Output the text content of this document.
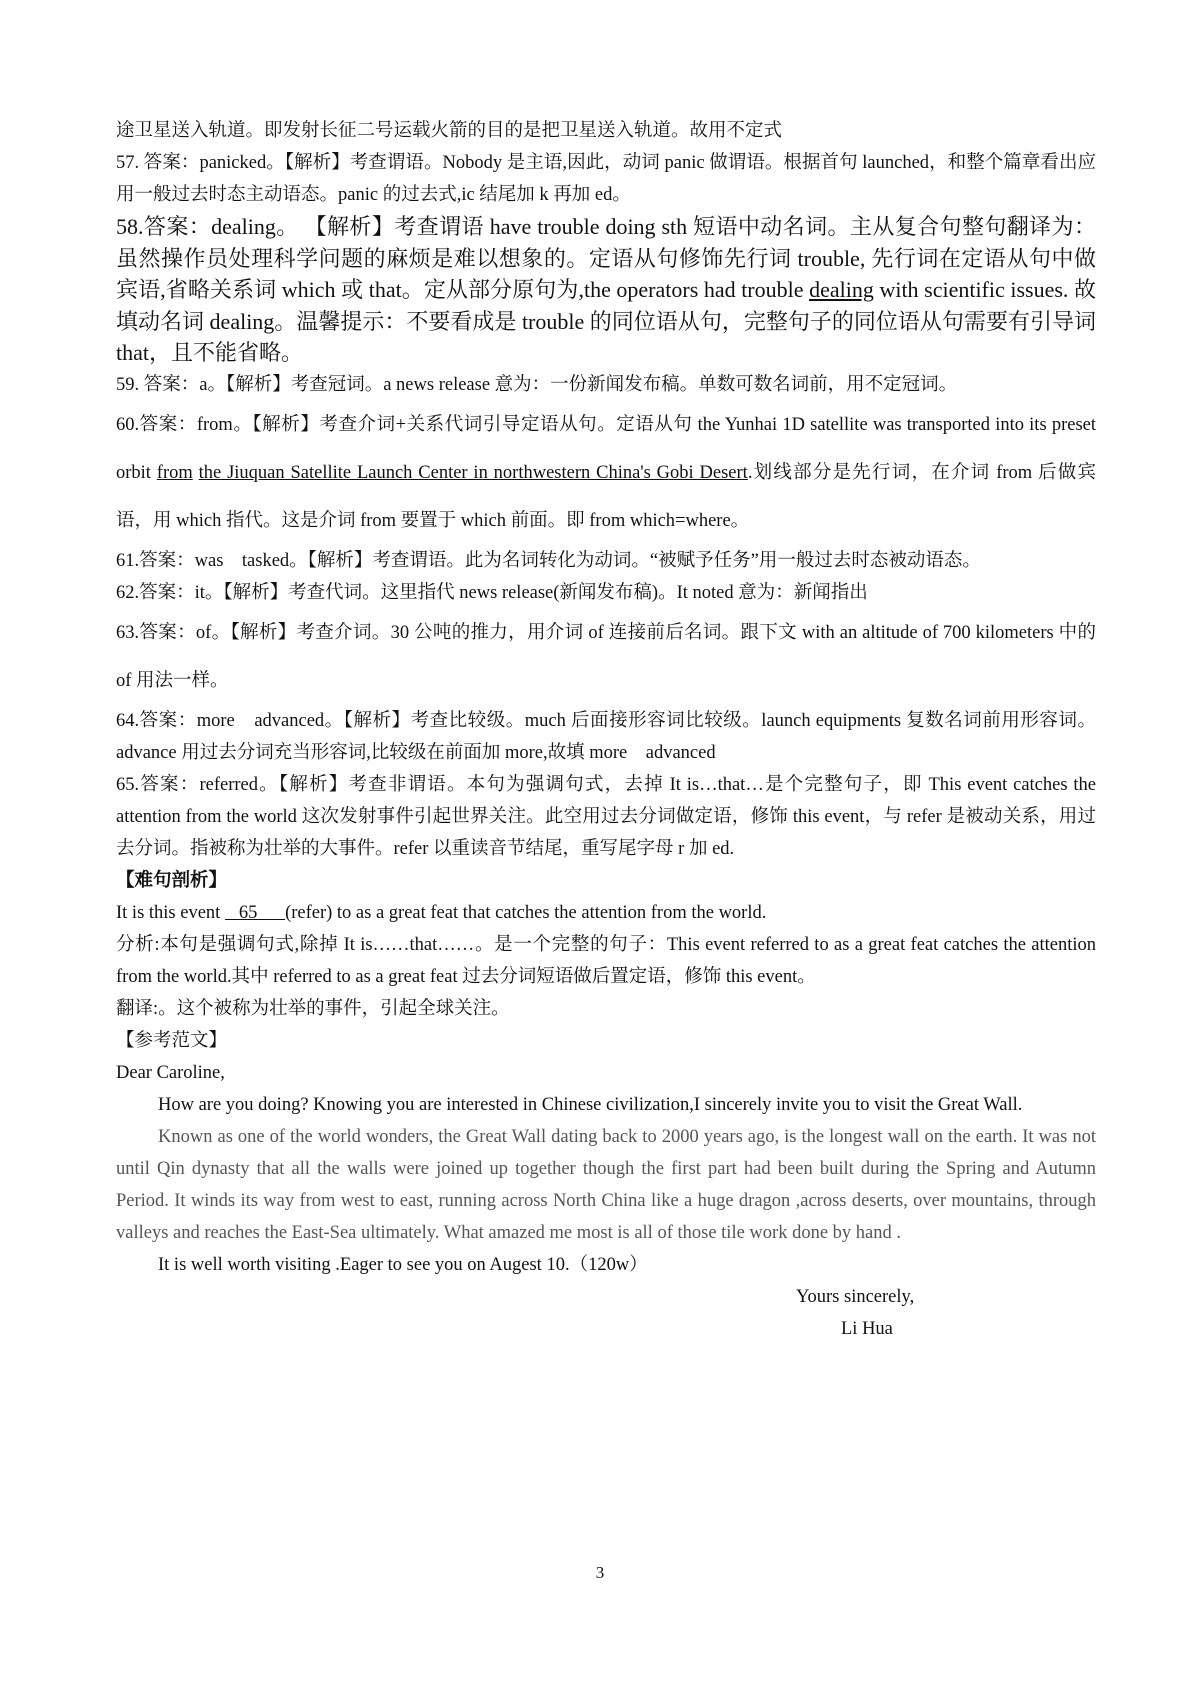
途卫星送入轨道。即发射长征二号运载火箭的目的是把卫星送入轨道。故用不定式

57. 答案：panicked。【解析】考查谓语。Nobody 是主语,因此，动词 panic 做谓语。根据首句 launched，和整个篇章看出应用一般过去时态主动语态。panic 的过去式,ic 结尾加 k 再加 ed。

58.答案：dealing。 【解析】考查谓语 have trouble doing sth 短语中动名词。主从复合句整句翻译为：虽然操作员处理科学问题的麻烦是难以想象的。定语从句修饰先行词 trouble, 先行词在定语从句中做宾语,省略关系词 which 或 that。定从部分原句为,the operators had trouble dealing with scientific issues. 故填动名词 dealing。温馨提示：不要看成是 trouble 的同位语从句，完整句子的同位语从句需要有引导词 that，且不能省略。

59. 答案：a。【解析】考查冠词。a news release 意为：一份新闻发布稿。单数可数名词前，用不定冠词。

60.答案：from。【解析】考查介词+关系代词引导定语从句。定语从句 the Yunhai 1D satellite was transported into its preset orbit from the Jiuquan Satellite Launch Center in northwestern China's Gobi Desert.划线部分是先行词，在介词 from 后做宾语，用 which 指代。这是介词 from 要置于 which 前面。即 from which=where。

61.答案：was　tasked。【解析】考查谓语。此为名词转化为动词。“被赋予任务”用一般过去时态被动语态。

62.答案：it。【解析】考查代词。这里指代 news release(新闻发布稿)。It noted 意为：新闻指出

63.答案：of。【解析】考查介词。30 公吨的推力，用介词 of 连接前后名词。跟下文 with an altitude of 700 kilometers 中的 of 用法一样。

64.答案：more　advanced。【解析】考查比较级。much 后面接形容词比较级。launch equipments 复数名词前用形容词。advance 用过去分词充当形容词,比较级在前面加 more,故填 more　advanced

65.答案：referred。【解析】考查非谓语。本句为强调句式，去掉 It is…that…是个完整句子，即 This event catches the attention from the world 这次发射事件引起世界关注。此空用过去分词做定语，修饰 this event，与 refer 是被动关系，用过去分词。指被称为壮举的大事件。refer 以重读音节结尾，重写尾字母 r 加 ed.

【难句剖析】

It is this event    65      (refer) to as a great feat that catches the attention from the world.

分析:本句是强调句式,除掉 It is……that……。是一个完整的句子：This event referred to as a great feat catches the attention from the world.其中 referred to as a great feat 过去分词短语做后置定语，修饰 this event。

翻译:。这个被称为壮举的事件，引起全球关注。

【参考范文】

Dear Caroline,

How are you doing? Knowing you are interested in Chinese civilization,I sincerely invite you to visit the Great Wall.

Known as one of the world wonders, the Great Wall dating back to 2000 years ago, is the longest wall on the earth. It was not until Qin dynasty that all the walls were joined up together though the first part had been built during the Spring and Autumn Period. It winds its way from west to east, running across North China like a huge dragon ,across deserts, over mountains, through valleys and reaches the East-Sea ultimately. What amazed me most is all of those tile work done by hand .

It is well worth visiting .Eager to see you on Augest 10.（120w）

Yours sincerely,

Li Hua

3
